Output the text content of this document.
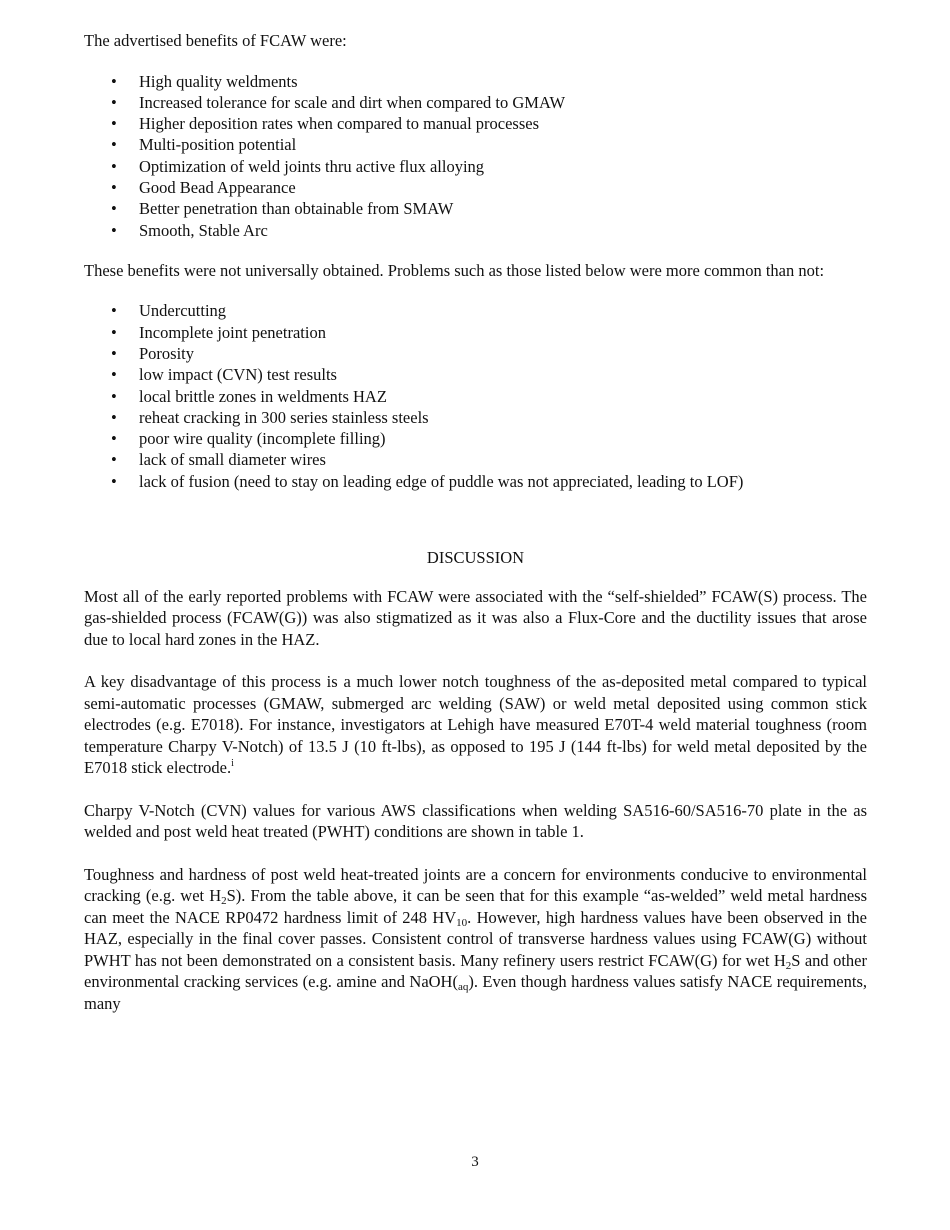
The advertised benefits of FCAW were:

• High quality weldments
• Increased tolerance for scale and dirt when compared to GMAW
• Higher deposition rates when compared to manual processes
• Multi-position potential
• Optimization of weld joints thru active flux alloying
• Good Bead Appearance
• Better penetration than obtainable from SMAW
• Smooth, Stable Arc

These benefits were not universally obtained. Problems such as those listed below were more common than not:

• Undercutting
• Incomplete joint penetration
• Porosity
• low impact (CVN) test results
• local brittle zones in weldments HAZ
• reheat cracking in 300 series stainless steels
• poor wire quality (incomplete filling)
• lack of small diameter wires
• lack of fusion (need to stay on leading edge of puddle was not appreciated, leading to LOF)

DISCUSSION

Most all of the early reported problems with FCAW were associated with the “self-shielded” FCAW(S) process. The gas-shielded process (FCAW(G)) was also stigmatized as it was also a Flux-Core and the ductility issues that arose due to local hard zones in the HAZ.

A key disadvantage of this process is a much lower notch toughness of the as-deposited metal compared to typical semi-automatic processes (GMAW, submerged arc welding (SAW) or weld metal deposited using common stick electrodes (e.g. E7018). For instance, investigators at Lehigh have measured E70T-4 weld material toughness (room temperature Charpy V-Notch) of 13.5 J (10 ft-lbs), as opposed to 195 J (144 ft-lbs) for weld metal deposited by the E7018 stick electrode.$^i$

Charpy V-Notch (CVN) values for various AWS classifications when welding SA516-60/SA516-70 plate in the as welded and post weld heat treated (PWHT) conditions are shown in table 1.

Toughness and hardness of post weld heat-treated joints are a concern for environments conducive to environmental cracking (e.g. wet $H_2S$). From the table above, it can be seen that for this example “as-welded” weld metal hardness can meet the NACE RP0472 hardness limit of 248 $HV_{10}$. However, high hardness values have been observed in the HAZ, especially in the final cover passes. Consistent control of transverse hardness values using FCAW(G) without PWHT has not been demonstrated on a consistent basis. Many refinery users restrict FCAW(G) for wet $H_2S$ and other environmental cracking services (e.g. amine and $NaOH(_{aq})$. Even though hardness values satisfy NACE requirements, many

3
